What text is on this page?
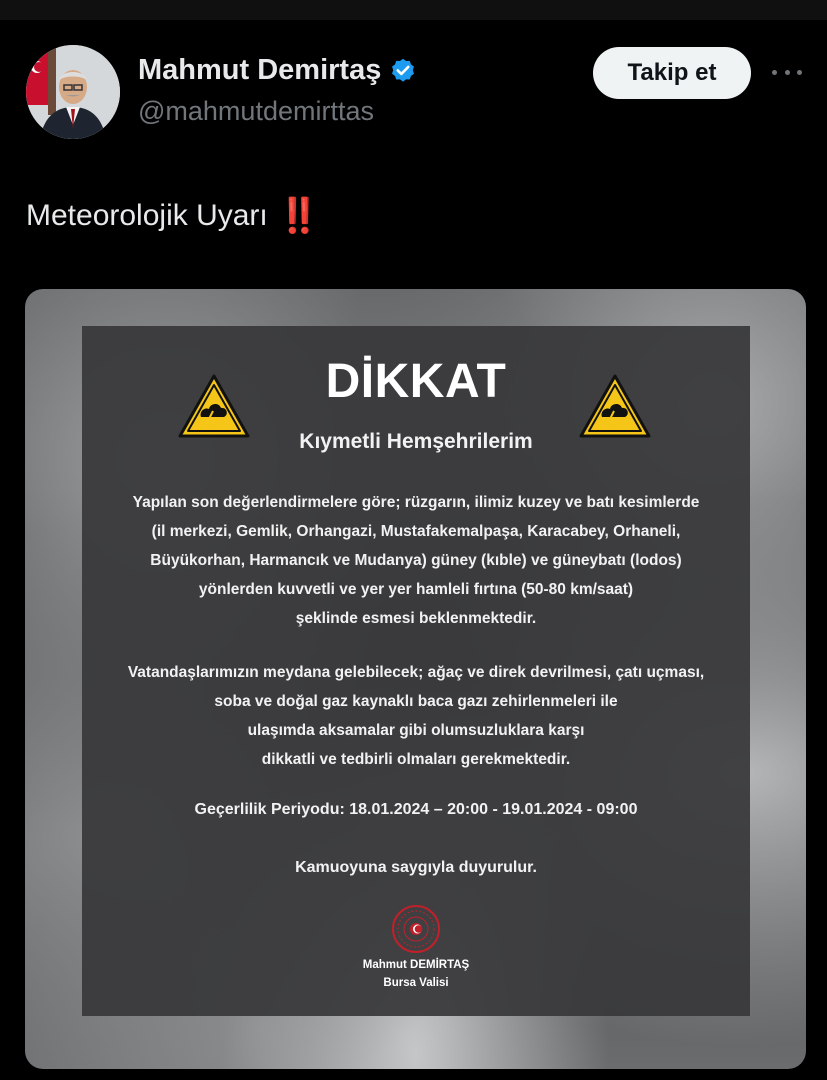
Mahmut Demirtaş
@mahmutdemirttas
Takip et
Meteorolojik Uyarı ‼️
DİKKAT
Kıymetli Hemşehrilerim
Yapılan son değerlendirmelere göre; rüzgarın, ilimiz kuzey ve batı kesimlerde
(il merkezi, Gemlik, Orhangazi, Mustafakemalpaşa, Karacabey, Orhaneli,
Büyükorhan, Harmancık ve Mudanya) güney (kıble) ve güneybatı (lodos)
yönlerden kuvvetli ve yer yer hamleli fırtına (50-80 km/saat)
şeklinde esmesi beklenmektedir.
Vatandaşlarımızın meydana gelebilecek; ağaç ve direk devrilmesi, çatı uçması,
soba ve doğal gaz kaynaklı baca gazı zehirlenmeleri ile
ulaşımda aksamalar gibi olumsuzluklara karşı
dikkatli ve tedbirli olmaları gerekmektedir.
Geçerlilik Periyodu: 18.01.2024 – 20:00 - 19.01.2024 - 09:00
Kamuoyuna saygıyla duyurulur.
Mahmut DEMİRTAŞ
Bursa Valisi
